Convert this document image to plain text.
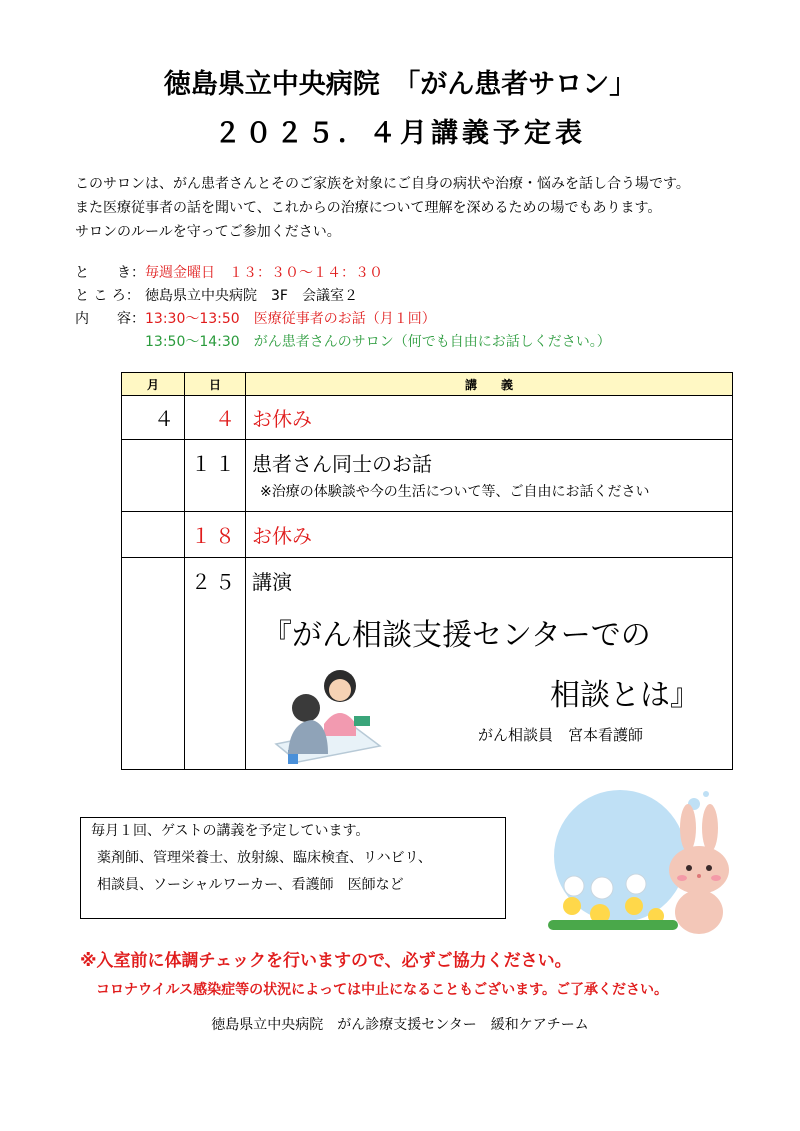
徳島県立中央病院　「がん患者サロン」
２０２５．４月講義予定表
このサロンは、がん患者さんとそのご家族を対象にご自身の病状や治療・悩みを話し合う場です。
また医療従事者の話を聞いて、これからの治療について理解を深めるための場でもあります。
サロンのルールを守ってご参加ください。
と　　き：毎週金曜日　１３：３０～１４：３０
と こ ろ： 徳島県立中央病院　3F　会議室２
内　　容：13:30～13:50　 医療従事者のお話（月１回）
13:50～14:30　 がん患者さんのサロン（何でも自由にお話しください。）
月	日	講　　義
４	４	お休み
	１１	患者さん同士のお話
※治療の体験談や今の生活について等、ご自由にお話ください

	１８	お休み
	２５	講演
『がん相談支援センターでの
相談とは』
がん相談員　宮本看護師
毎月１回、ゲストの講義を予定しています。
薬剤師、管理栄養士、放射線、臨床検査、リハビリ、
相談員、ソーシャルワーカー、看護師　医師など
※入室前に体調チェックを行いますので、必ずご協力ください。
コロナウイルス感染症等の状況によっては中止になることもございます。ご了承ください。
徳島県立中央病院　がん診療支援センター　緩和ケアチーム
